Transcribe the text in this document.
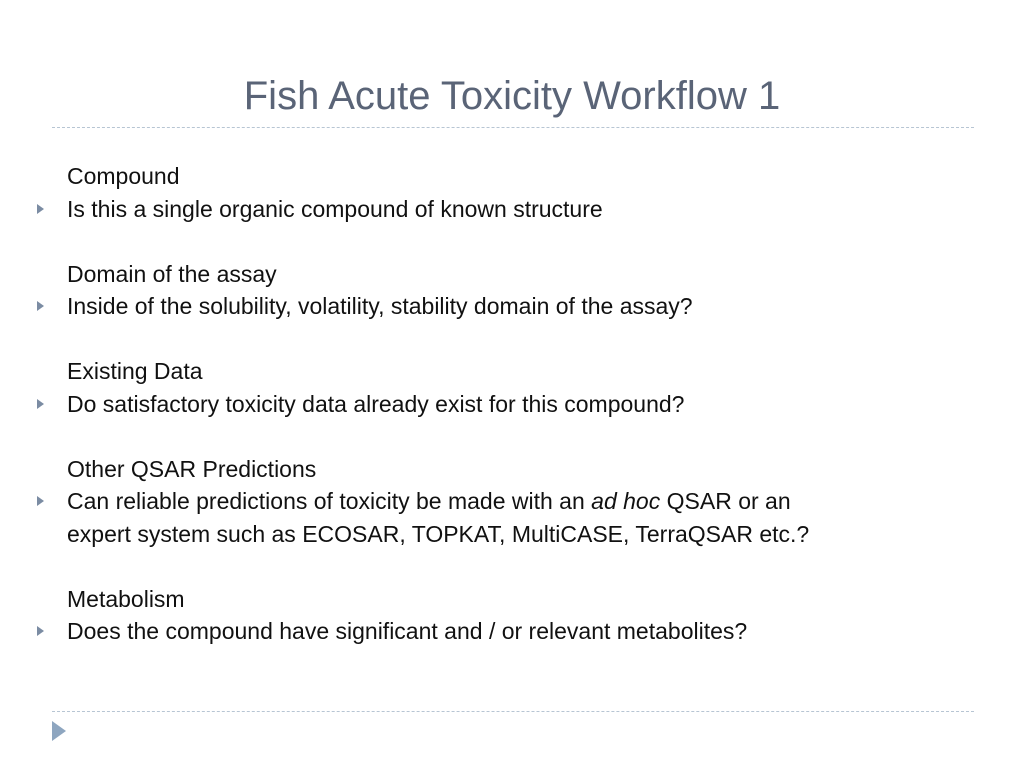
Fish Acute Toxicity Workflow 1
Compound
Is this a single organic compound of known structure
Domain of the assay
Inside of the solubility, volatility, stability domain of the assay?
Existing Data
Do satisfactory toxicity data already exist for this compound?
Other QSAR Predictions
Can reliable predictions of toxicity be made with an ad hoc QSAR or an
expert system such as ECOSAR, TOPKAT, MultiCASE, TerraQSAR etc.?
Metabolism
Does the compound have significant and / or relevant metabolites?
